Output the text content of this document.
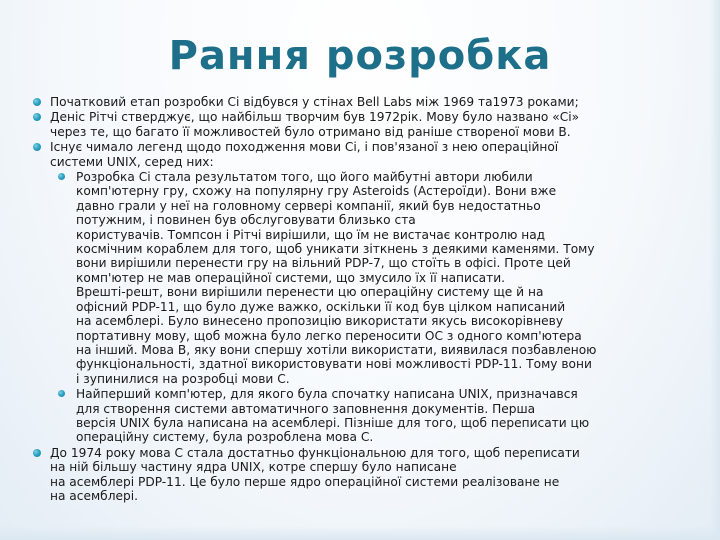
Рання розробка
Початковий етап розробки Сі відбувся у стінах Bell Labs між 1969 та1973 роками;
Деніс Рітчі стверджує, що найбільш творчим був 1972рік. Мову було названо «Сі»
через те, що багато її можливостей було отримано від раніше створеної мови B.
Існує чимало легенд щодо походження мови Сі, і пов'язаної з нею операційної
системи UNIX, серед них:
Розробка Сі стала результатом того, що його майбутні автори любили
комп'ютерну гру, схожу на популярну гру Asteroids (Астероїди). Вони вже
давно грали у неї на головному сервері компанії, який був недостатньо
потужним, і повинен був обслуговувати близько ста
користувачів. Томпсон і Рітчі вирішили, що їм не вистачає контролю над
космічним кораблем для того, щоб уникати зіткнень з деякими каменями. Тому
вони вирішили перенести гру на вільний PDP-7, що стоїть в офісі. Проте цей
комп'ютер не мав операційної системи, що змусило їх її написати.
Врешті-решт, вони вирішили перенести цю операційну систему ще й на
офісний PDP-11, що було дуже важко, оскільки її код був цілком написаний
на асемблері. Було винесено пропозицію використати якусь високорівневу
портативну мову, щоб можна було легко переносити ОС з одного комп'ютера
на інший. Мова B, яку вони спершу хотіли використати, виявилася позбавленою
функціональності, здатної використовувати нові можливості PDP-11. Тому вони
і зупинилися на розробці мови C.
Найперший комп'ютер, для якого була спочатку написана UNIX, призначався
для створення системи автоматичного заповнення документів. Перша
версія UNIX була написана на асемблері. Пізніше для того, щоб переписати цю
операційну систему, була розроблена мова C.
До 1974 року мова C стала достатньо функціональною для того, щоб переписати
на ній більшу частину ядра UNIX, котре спершу було написане
на асемблері PDP-11. Це було перше ядро операційної системи реалізоване не
на асемблері.
